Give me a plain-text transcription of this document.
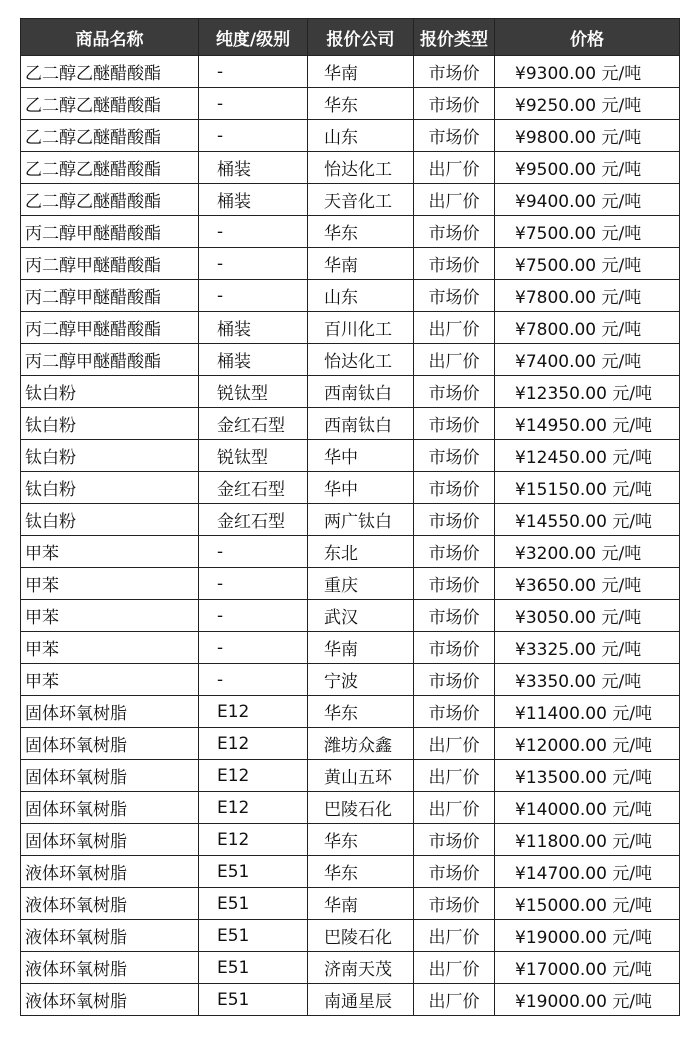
商品名称	纯度/级别	报价公司	报价类型	价格
乙二醇乙醚醋酸酯	-	华南	市场价	¥9300.00 元/吨
乙二醇乙醚醋酸酯	-	华东	市场价	¥9250.00 元/吨
乙二醇乙醚醋酸酯	-	山东	市场价	¥9800.00 元/吨
乙二醇乙醚醋酸酯	桶装	怡达化工	出厂价	¥9500.00 元/吨
乙二醇乙醚醋酸酯	桶装	天音化工	出厂价	¥9400.00 元/吨
丙二醇甲醚醋酸酯	-	华东	市场价	¥7500.00 元/吨
丙二醇甲醚醋酸酯	-	华南	市场价	¥7500.00 元/吨
丙二醇甲醚醋酸酯	-	山东	市场价	¥7800.00 元/吨
丙二醇甲醚醋酸酯	桶装	百川化工	出厂价	¥7800.00 元/吨
丙二醇甲醚醋酸酯	桶装	怡达化工	出厂价	¥7400.00 元/吨
钛白粉	锐钛型	西南钛白	市场价	¥12350.00 元/吨
钛白粉	金红石型	西南钛白	市场价	¥14950.00 元/吨
钛白粉	锐钛型	华中	市场价	¥12450.00 元/吨
钛白粉	金红石型	华中	市场价	¥15150.00 元/吨
钛白粉	金红石型	两广钛白	市场价	¥14550.00 元/吨
甲苯	-	东北	市场价	¥3200.00 元/吨
甲苯	-	重庆	市场价	¥3650.00 元/吨
甲苯	-	武汉	市场价	¥3050.00 元/吨
甲苯	-	华南	市场价	¥3325.00 元/吨
甲苯	-	宁波	市场价	¥3350.00 元/吨
固体环氧树脂	E12	华东	市场价	¥11400.00 元/吨
固体环氧树脂	E12	潍坊众鑫	出厂价	¥12000.00 元/吨
固体环氧树脂	E12	黄山五环	出厂价	¥13500.00 元/吨
固体环氧树脂	E12	巴陵石化	出厂价	¥14000.00 元/吨
固体环氧树脂	E12	华东	市场价	¥11800.00 元/吨
液体环氧树脂	E51	华东	市场价	¥14700.00 元/吨
液体环氧树脂	E51	华南	市场价	¥15000.00 元/吨
液体环氧树脂	E51	巴陵石化	出厂价	¥19000.00 元/吨
液体环氧树脂	E51	济南天茂	出厂价	¥17000.00 元/吨
液体环氧树脂	E51	南通星辰	出厂价	¥19000.00 元/吨
